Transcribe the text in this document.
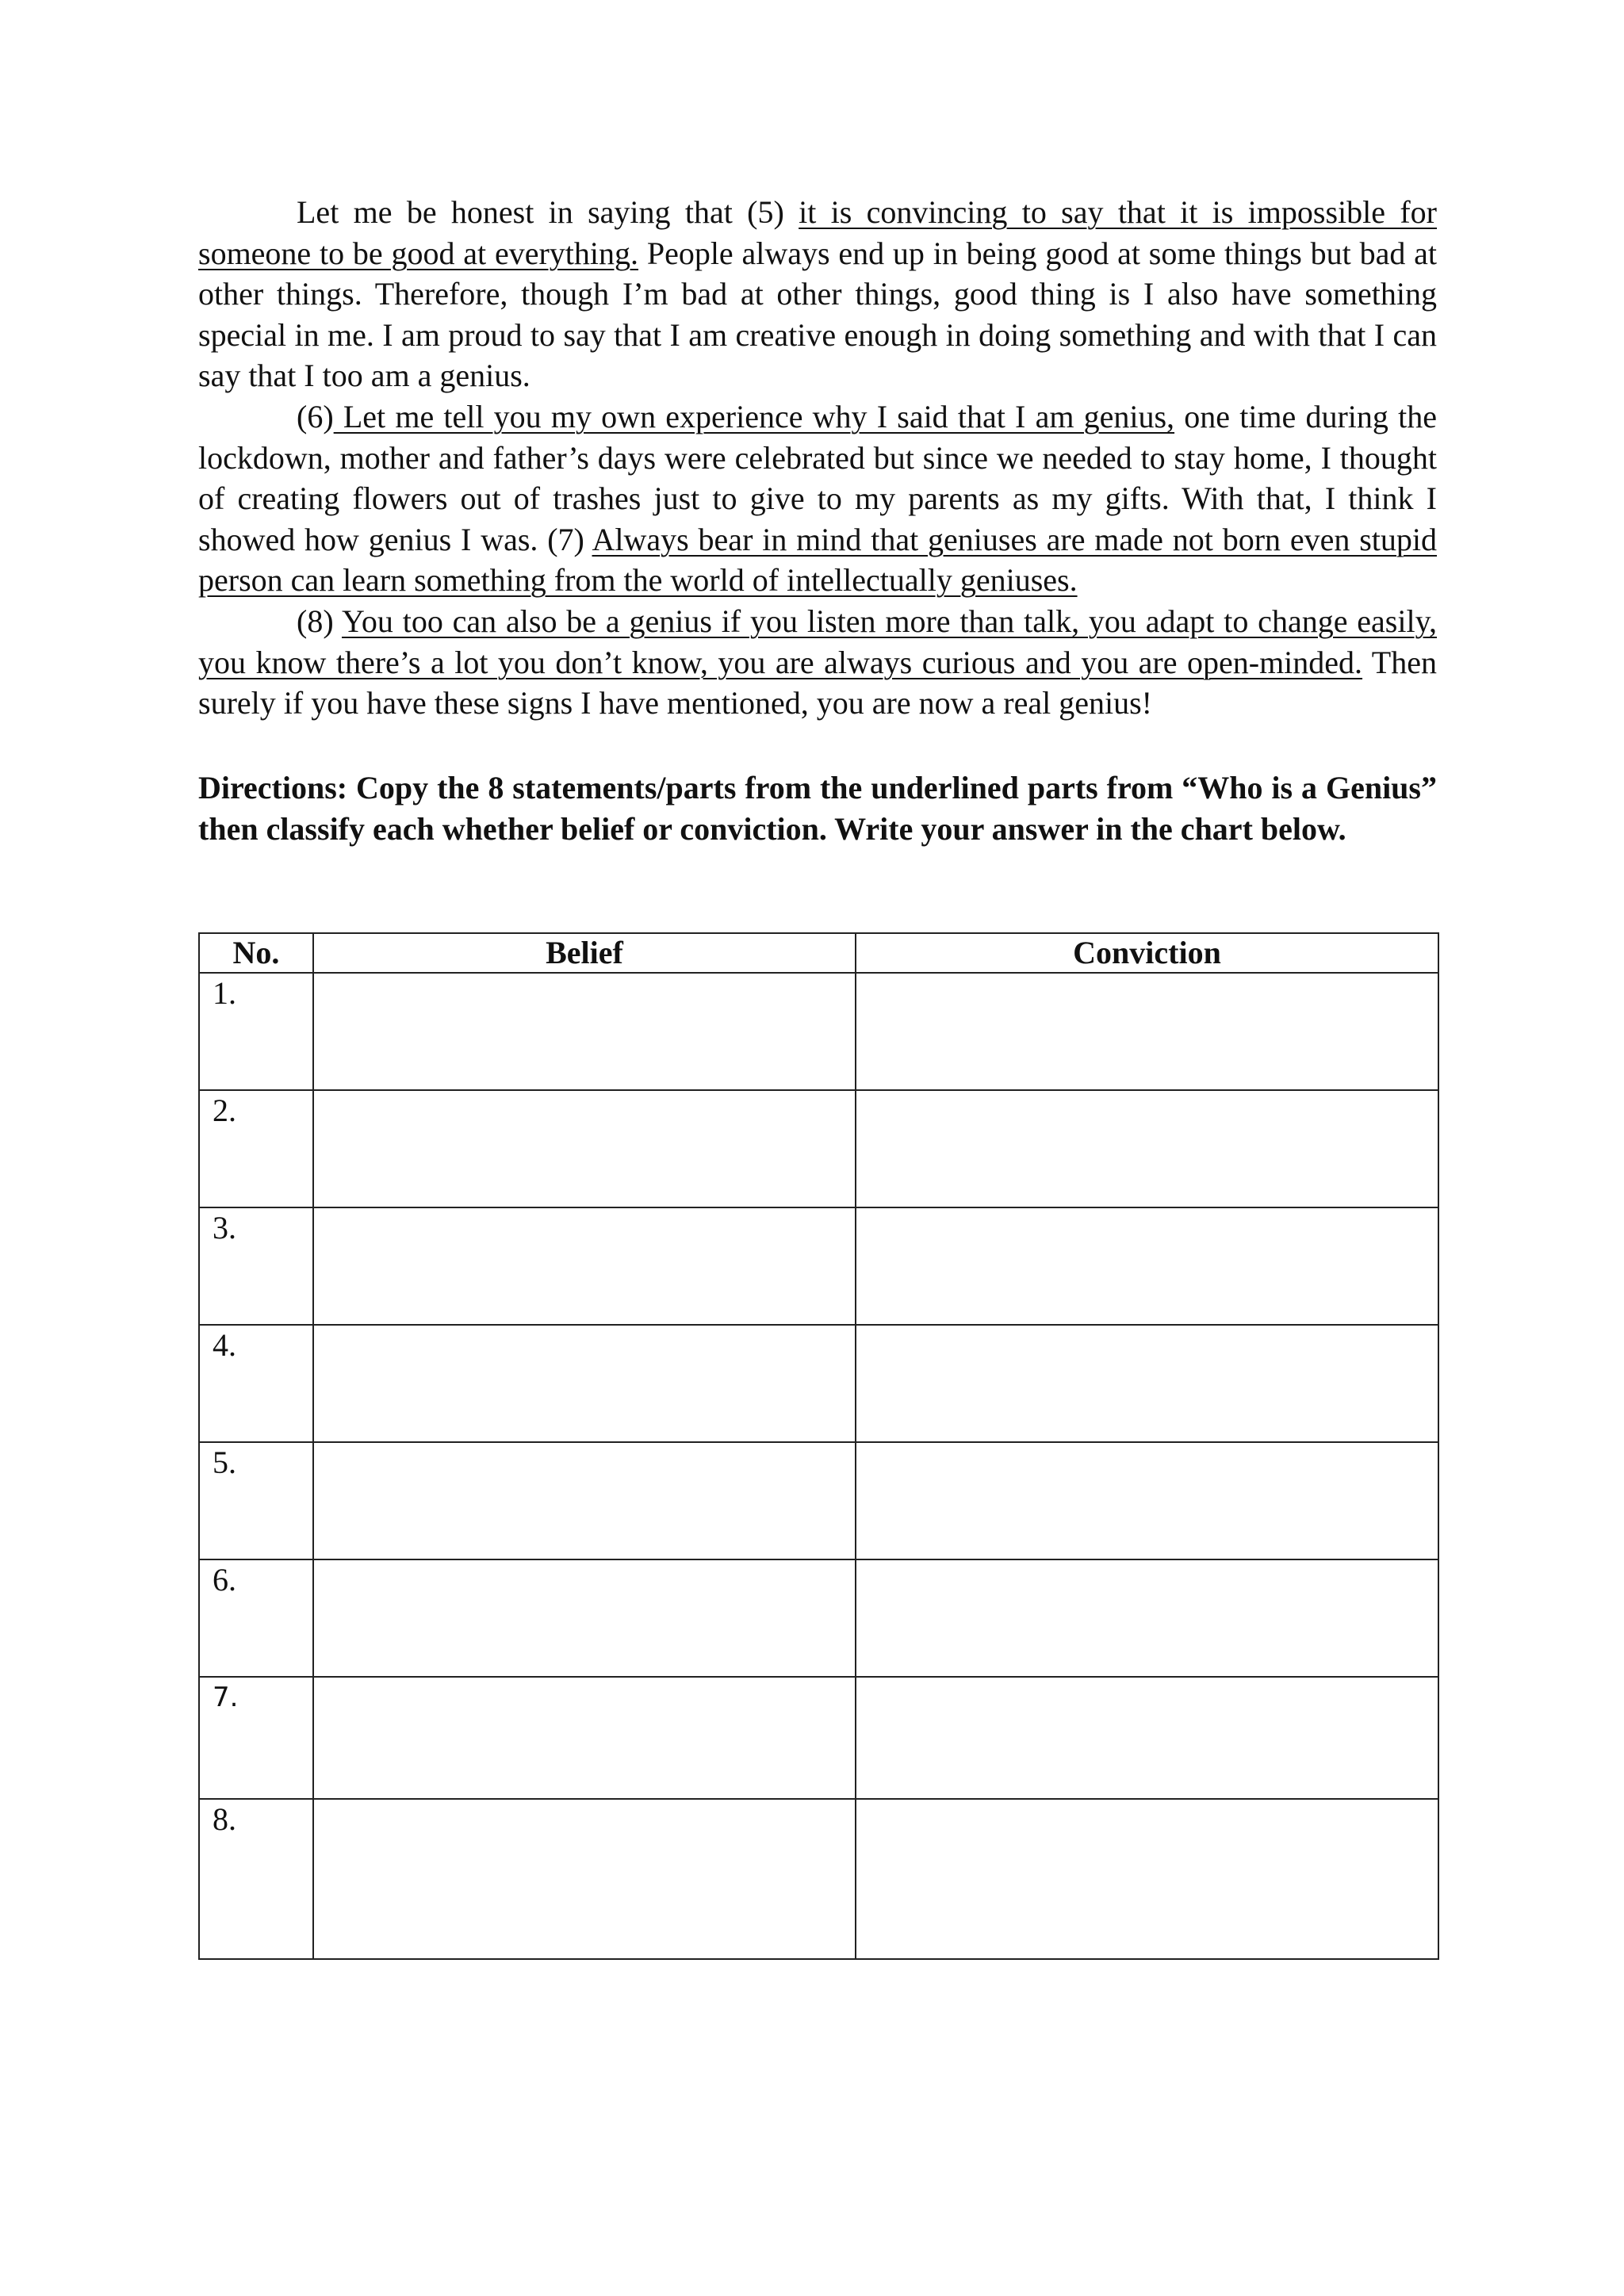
Let me be honest in saying that (5) it is convincing to say that it is impossible for someone to be good at everything. People always end up in being good at some things but bad at other things. Therefore, though I’m bad at other things, good thing is I also have something special in me. I am proud to say that I am creative enough in doing something and with that I can say that I too am a genius.

(6) Let me tell you my own experience why I said that I am genius, one time during the lockdown, mother and father’s days were celebrated but since we needed to stay home, I thought of creating flowers out of trashes just to give to my parents as my gifts. With that, I think I showed how genius I was. (7) Always bear in mind that geniuses are made not born even stupid person can learn something from the world of intellectually geniuses.

(8) You too can also be a genius if you listen more than talk, you adapt to change easily, you know there’s a lot you don’t know, you are always curious and you are open-minded. Then surely if you have these signs I have mentioned, you are now a real genius!

Directions: Copy the 8 statements/parts from the underlined parts from “Who is a Genius” then classify each whether belief or conviction. Write your answer in the chart below.

No.	Belief	Conviction
1.		
2.		
3.		
4.		
5.		
6.		
7.		
8.		
